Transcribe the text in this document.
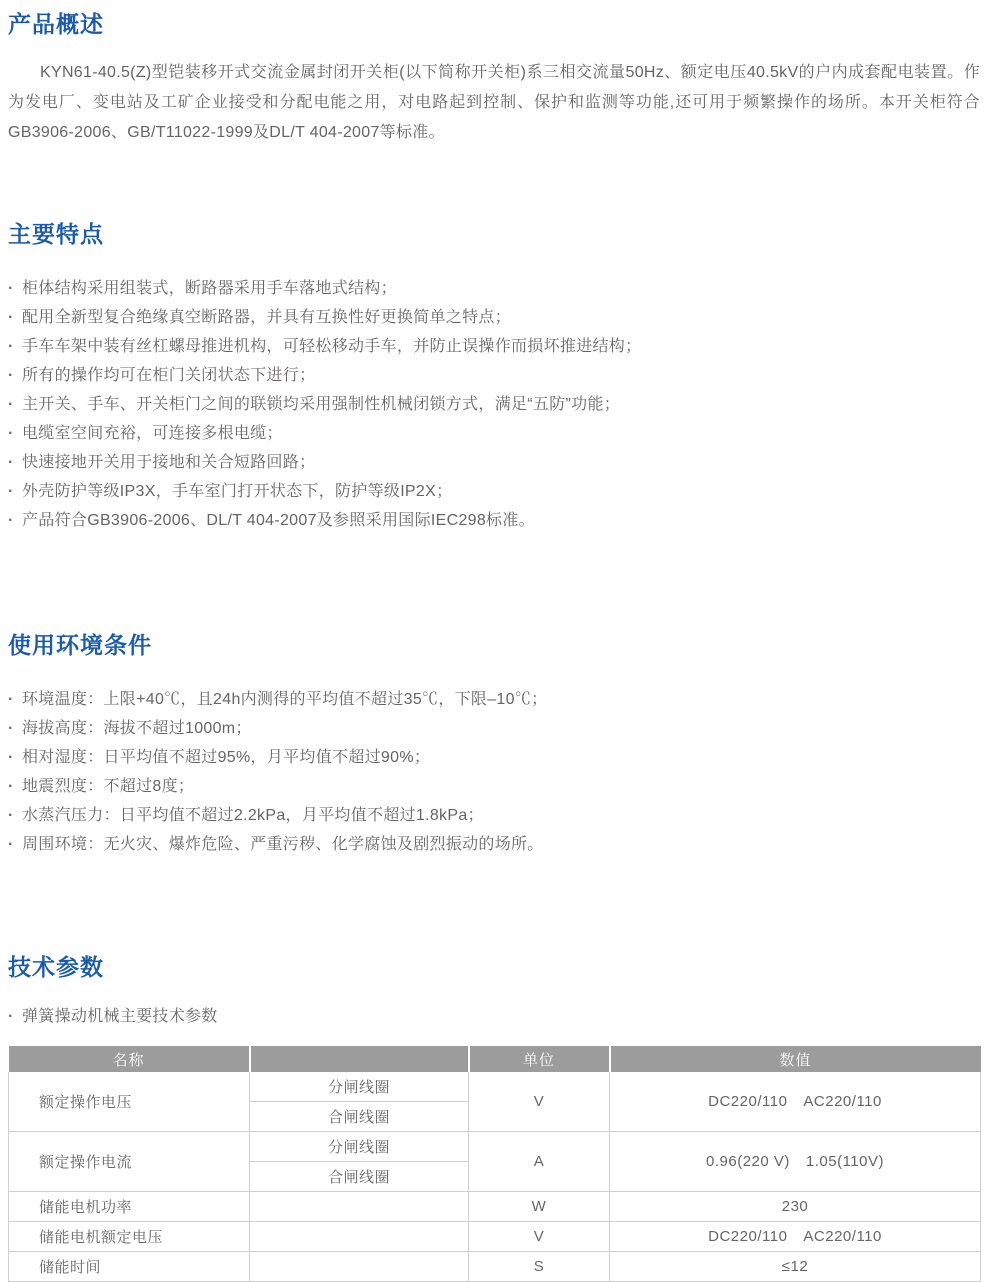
产品概述

KYN61-40.5(Z)型铠装移开式交流金属封闭开关柜(以下简称开关柜)系三相交流量50Hz、额定电压40.5kV的户内成套配电装置。作为发电厂、变电站及工矿企业接受和分配电能之用，对电路起到控制、保护和监测等功能,还可用于频繁操作的场所。本开关柜符合GB3906-2006、GB/T11022-1999及DL/T 404-2007等标准。

主要特点
· 柜体结构采用组装式，断路器采用手车落地式结构；
· 配用全新型复合绝缘真空断路器，并具有互换性好更换简单之特点；
· 手车车架中装有丝杠螺母推进机构，可轻松移动手车，并防止误操作而损坏推进结构；
· 所有的操作均可在柜门关闭状态下进行；
· 主开关、手车、开关柜门之间的联锁均采用强制性机械闭锁方式，满足“五防”功能；
· 电缆室空间充裕，可连接多根电缆；
· 快速接地开关用于接地和关合短路回路；
· 外壳防护等级IP3X，手车室门打开状态下，防护等级IP2X；
· 产品符合GB3906-2006、DL/T 404-2007及参照采用国际IEC298标准。
使用环境条件
· 环境温度：上限+40℃，且24h内测得的平均值不超过35℃，下限–10℃；
· 海拔高度：海拔不超过1000m；
· 相对湿度：日平均值不超过95%，月平均值不超过90%；
· 地震烈度：不超过8度；
· 水蒸汽压力：日平均值不超过2.2kPa，月平均值不超过1.8kPa；
· 周围环境：无火灾、爆炸危险、严重污秽、化学腐蚀及剧烈振动的场所。
技术参数
· 弹簧操动机械主要技术参数
名称		单位	数值
额定操作电压	分闸线圈	V	DC220/110  AC220/110
	合闸线圈		
额定操作电流	分闸线圈	A	0.96(220 V)  1.05(110V)
	合闸线圈		
储能电机功率		W	230
储能电机额定电压		V	DC220/110  AC220/110
储能时间		S	≤12
